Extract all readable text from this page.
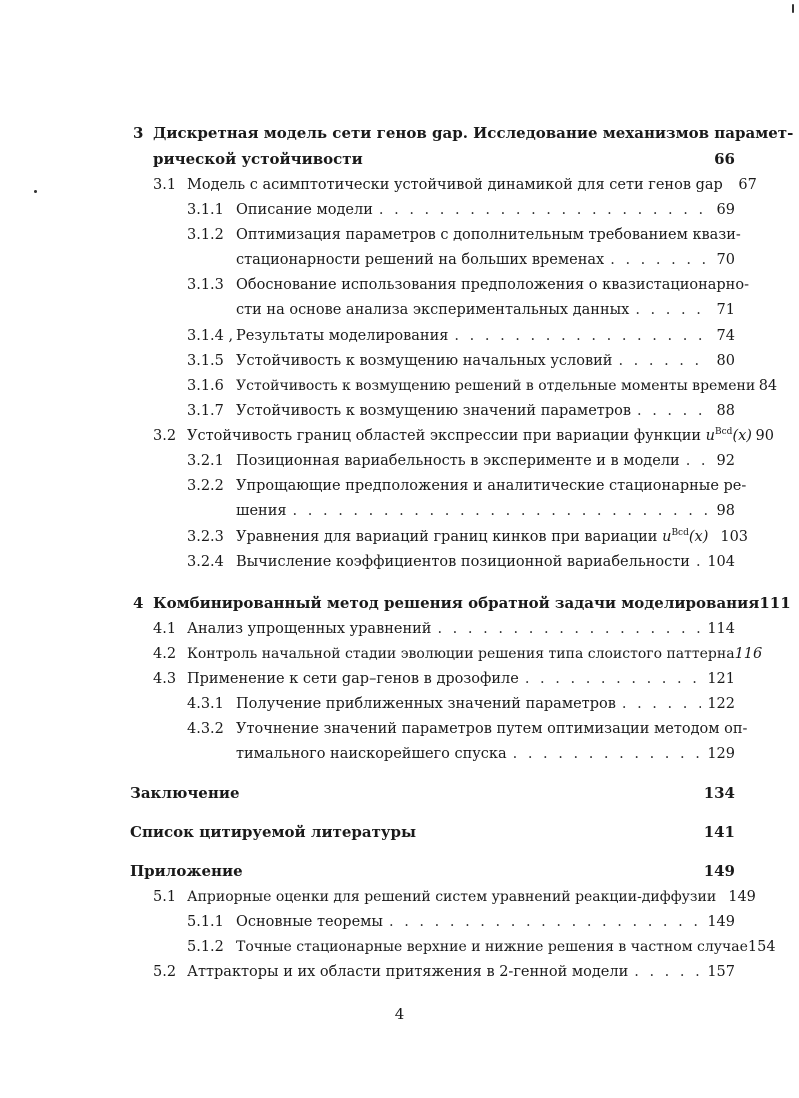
3 Дискретная модель сети генов gap. Исследование механизмов парамет-
рической устойчивости	66
3.1 Модель с асимптотически устойчивой динамикой для сети генов gap 67
3.1.1 Описание модели . . .	69
3.1.2 Оптимизация параметров с дополнительным требованием квази-
стационарности решений на больших временах . . .	70
3.1.3 Обоснование использования предположения о квазистационарно-
сти на основе анализа экспериментальных данных . . .	71
3.1.4 , Результаты моделирования . . .	74
3.1.5 Устойчивость к возмущению начальных условий . . .	80
3.1.6 Устойчивость к возмущению решений в отдельные моменты времени 84
3.1.7 Устойчивость к возмущению значений параметров . . .	88
3.2 Устойчивость границ областей экспрессии при вариации функции $u^{Bcd}(x)$ 90
3.2.1 Позиционная вариабельность в эксперименте и в модели . . .	92
3.2.2 Упрощающие предположения и аналитические стационарные ре-
шения . . .	98
3.2.3 Уравнения для вариаций границ кинков при вариации $u^{Bcd}(x)$ 103
3.2.4 Вычисление коэффициентов позиционной вариабельности . . . 104
4 Комбинированный метод решения обратной задачи моделирования 111
4.1 Анализ упрощенных уравнений . . .	114
4.2 Контроль начальной стадии эволюции решения типа слоистого паттерна 116
4.3 Применение к сети gap–генов в дрозофиле . . .	121
4.3.1 Получение приближенных значений параметров . . .	122
4.3.2 Уточнение значений параметров путем оптимизации методом оп-
тимального наискорейшего спуска . . .	129
Заключение	134
Список цитируемой литературы	141
Приложение	149
5.1 Априорные оценки для решений систем уравнений реакции-диффузии 149
5.1.1 Основные теоремы . . .	149
5.1.2 Точные стационарные верхние и нижние решения в частном случае 154
5.2 Аттракторы и их области притяжения в 2-генной модели . . .	157
4
